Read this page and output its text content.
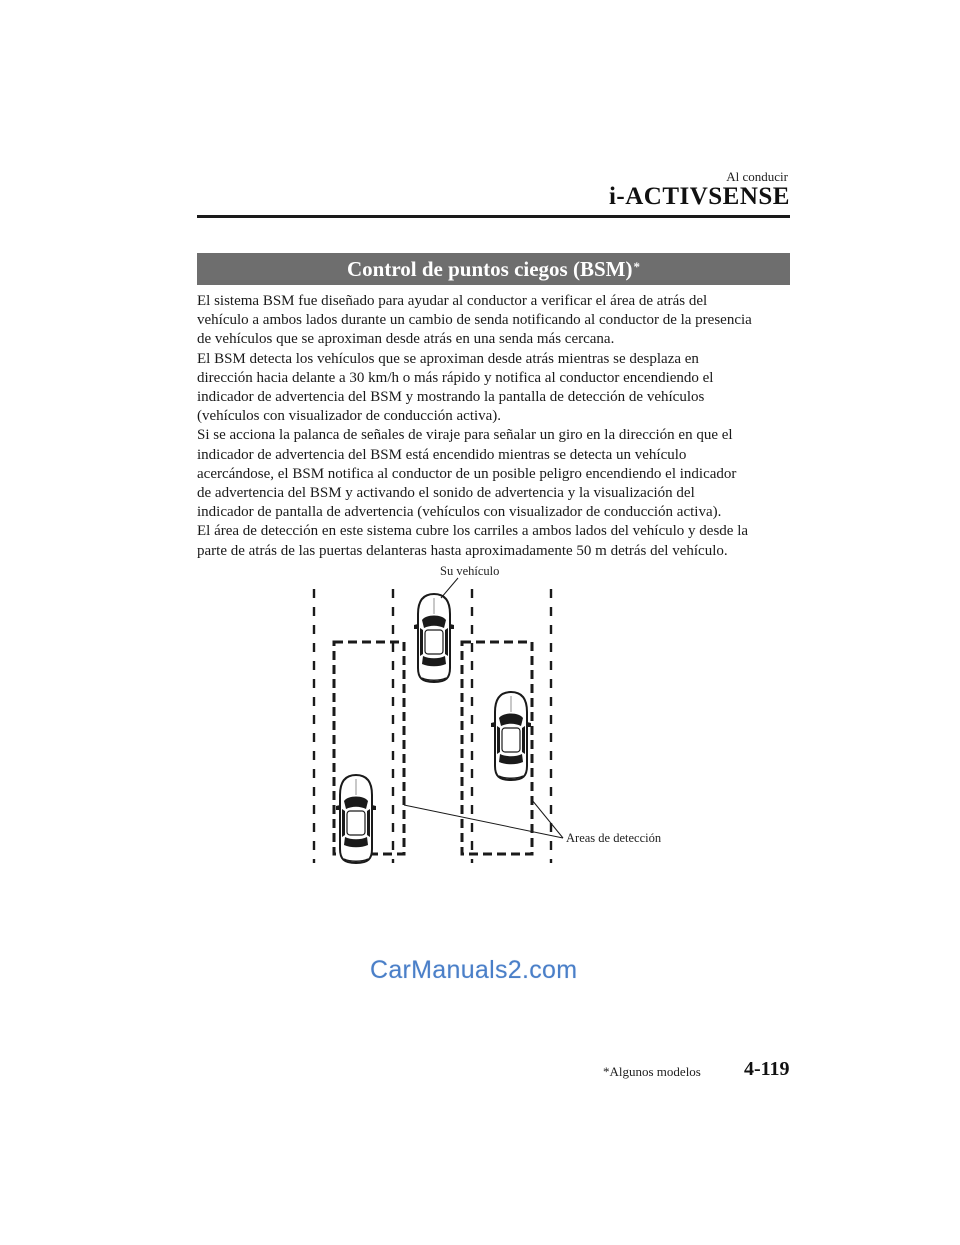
Al conducir
i-ACTIVSENSE
Control de puntos ciegos (BSM)*
El sistema BSM fue diseñado para ayudar al conductor a verificar el área de atrás del
vehículo a ambos lados durante un cambio de senda notificando al conductor de la presencia
de vehículos que se aproximan desde atrás en una senda más cercana.
El BSM detecta los vehículos que se aproximan desde atrás mientras se desplaza en
dirección hacia delante a 30 km/h o más rápido y notifica al conductor encendiendo el
indicador de advertencia del BSM y mostrando la pantalla de detección de vehículos
(vehículos con visualizador de conducción activa).
Si se acciona la palanca de señales de viraje para señalar un giro en la dirección en que el
indicador de advertencia del BSM está encendido mientras se detecta un vehículo
acercándose, el BSM notifica al conductor de un posible peligro encendiendo el indicador
de advertencia del BSM y activando el sonido de advertencia y la visualización del
indicador de pantalla de advertencia (vehículos con visualizador de conducción activa).
El área de detección en este sistema cubre los carriles a ambos lados del vehículo y desde la
parte de atrás de las puertas delanteras hasta aproximadamente 50 m detrás del vehículo.
Su vehículo
Areas de detección
CarManuals2.com
*Algunos modelos 4-119
